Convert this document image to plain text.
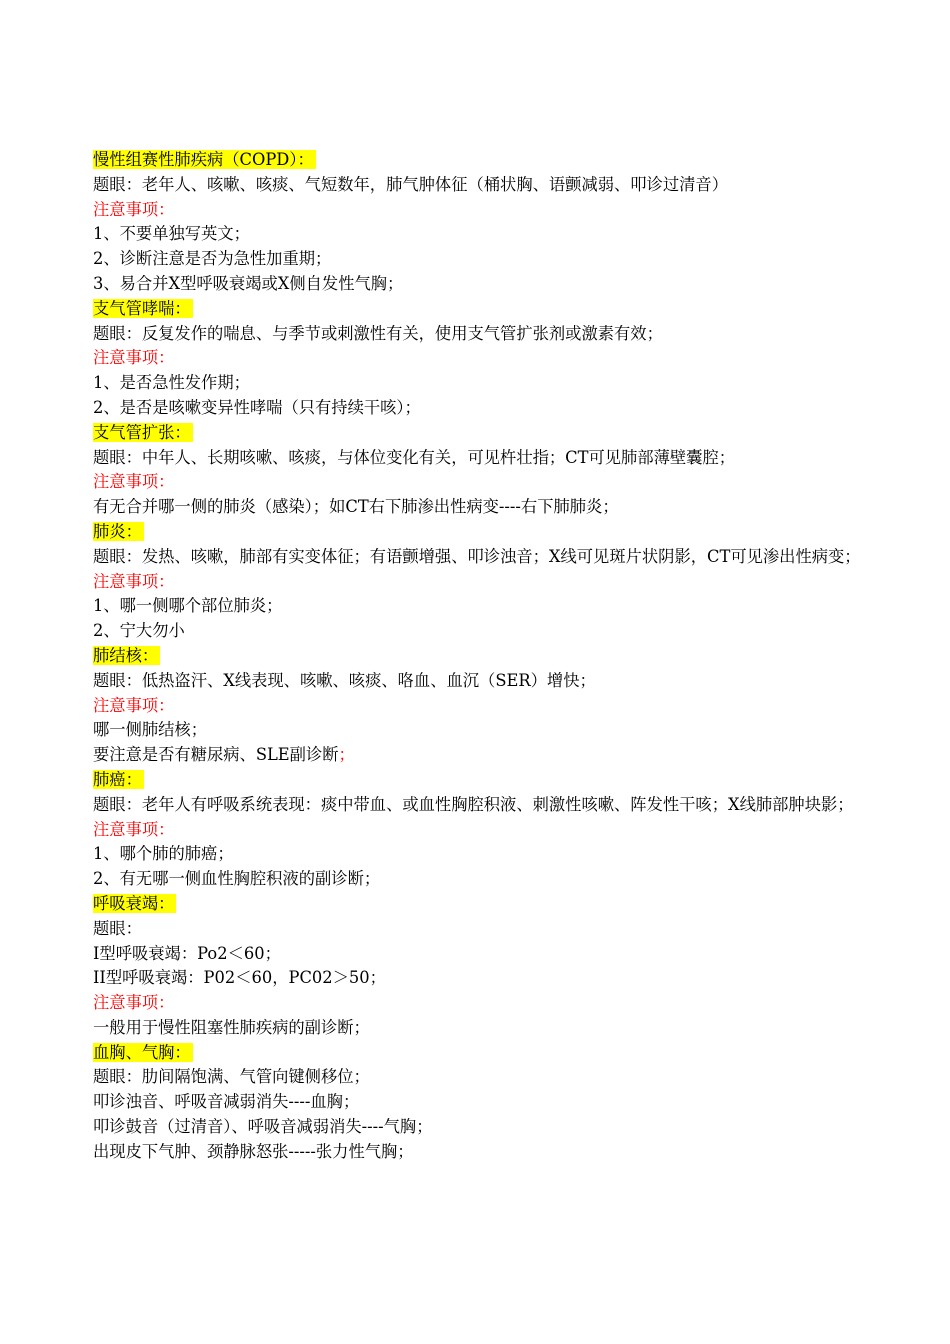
慢性组赛性肺疾病（COPD）：
题眼：老年人、咳嗽、咳痰、气短数年，肺气肿体征（桶状胸、语颤减弱、叩诊过清音）
注意事项：
1、不要单独写英文；
2、诊断注意是否为急性加重期；
3、易合并Ⅹ型呼吸衰竭或Ⅹ侧自发性气胸；
支气管哮喘：
题眼：反复发作的喘息、与季节或刺激性有关，使用支气管扩张剂或激素有效；
注意事项：
1、是否急性发作期；
2、是否是咳嗽变异性哮喘（只有持续干咳）；
支气管扩张：
题眼：中年人、长期咳嗽、咳痰，与体位变化有关，可见杵壮指；CT可见肺部薄壁囊腔；
注意事项：
有无合并哪一侧的肺炎（感染）；如CT右下肺渗出性病变----右下肺肺炎；
肺炎：
题眼：发热、咳嗽，肺部有实变体征；有语颤增强、叩诊浊音；X线可见斑片状阴影，CT可见渗出性病变；
注意事项：
1、哪一侧哪个部位肺炎；
2、宁大勿小
肺结核：
题眼：低热盗汗、X线表现、咳嗽、咳痰、咯血、血沉（SER）增快；
注意事项：
哪一侧肺结核；
要注意是否有糖尿病、SLE副诊断；
肺癌：
题眼：老年人有呼吸系统表现：痰中带血、或血性胸腔积液、刺激性咳嗽、阵发性干咳；X线肺部肿块影；
注意事项：
1、哪个肺的肺癌；
2、有无哪一侧血性胸腔积液的副诊断；
呼吸衰竭：
题眼：
I型呼吸衰竭：Po2＜60；
II型呼吸衰竭：P02＜60，PC02＞50；
注意事项：
一般用于慢性阻塞性肺疾病的副诊断；
血胸、气胸：
题眼：肋间隔饱满、气管向键侧移位；
叩诊浊音、呼吸音减弱消失----血胸；
叩诊鼓音（过清音）、呼吸音减弱消失----气胸；
出现皮下气肿、颈静脉怒张-----张力性气胸；
